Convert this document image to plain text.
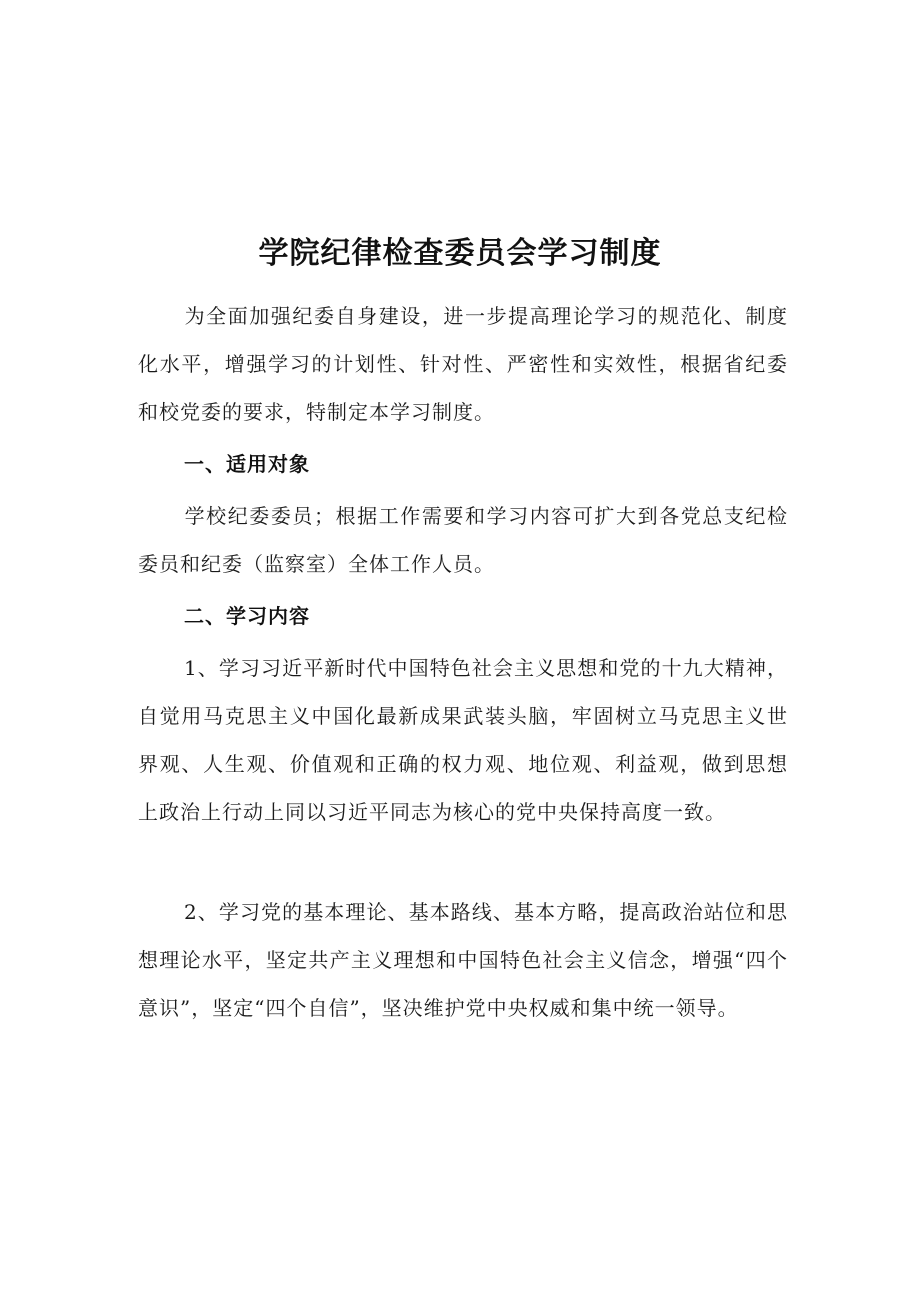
学院纪律检查委员会学习制度

为全面加强纪委自身建设，进一步提高理论学习的规范化、制度化水平，增强学习的计划性、针对性、严密性和实效性，根据省纪委和校党委的要求，特制定本学习制度。

一、适用对象

学校纪委委员；根据工作需要和学习内容可扩大到各党总支纪检委员和纪委（监察室）全体工作人员。

二、学习内容

1、学习习近平新时代中国特色社会主义思想和党的十九大精神，自觉用马克思主义中国化最新成果武装头脑，牢固树立马克思主义世界观、人生观、价值观和正确的权力观、地位观、利益观，做到思想上政治上行动上同以习近平同志为核心的党中央保持高度一致。

2、学习党的基本理论、基本路线、基本方略，提高政治站位和思想理论水平，坚定共产主义理想和中国特色社会主义信念，增强“四个意识”，坚定“四个自信”，坚决维护党中央权威和集中统一领导。
